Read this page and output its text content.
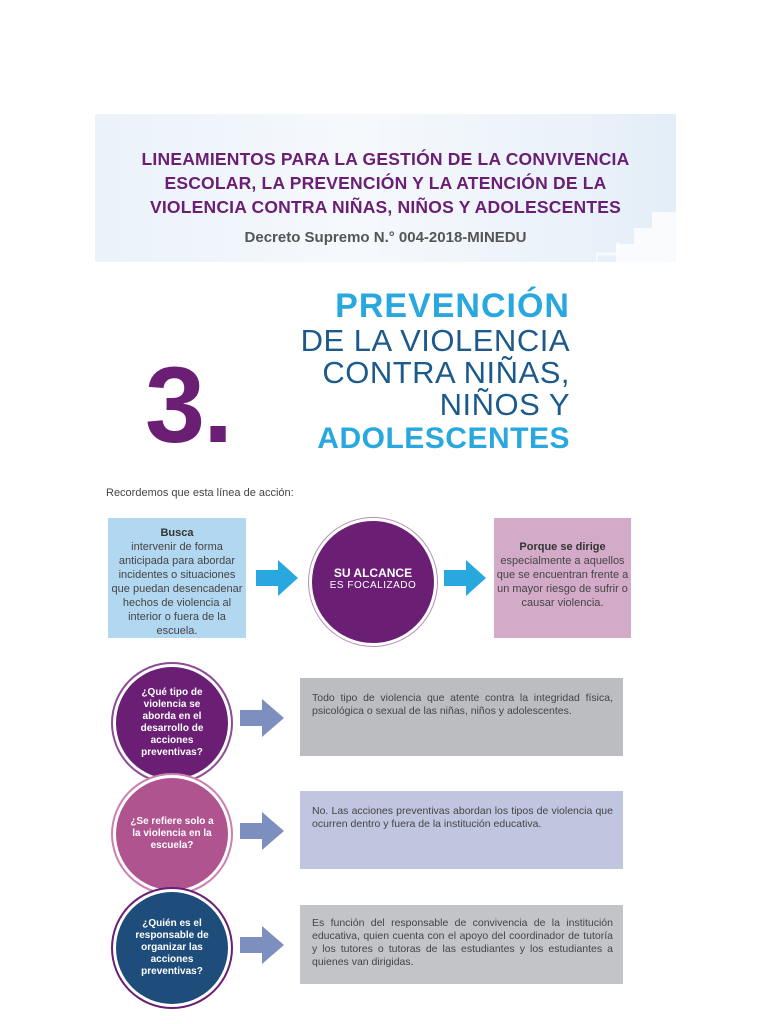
LINEAMIENTOS PARA LA GESTIÓN DE LA CONVIVENCIA
ESCOLAR, LA PREVENCIÓN Y LA ATENCIÓN DE LA
VIOLENCIA CONTRA NIÑAS, NIÑOS Y ADOLESCENTES
Decreto Supremo N.° 004-2018-MINEDU
3.
PREVENCIÓN
DE LA VIOLENCIA
CONTRA NIÑAS,
NIÑOS Y
ADOLESCENTES
Recordemos que esta línea de acción:
Busca
intervenir de forma anticipada para abordar incidentes o situaciones que puedan desencadenar hechos de violencia al interior o fuera de la escuela.
SU ALCANCE
ES FOCALIZADO
Porque se dirige
especialmente a aquellos que se encuentran frente a un mayor riesgo de sufrir o causar violencia.
¿Qué tipo de violencia se aborda en el desarrollo de acciones preventivas?
Todo tipo de violencia que atente contra la integridad física, psicológica o sexual de las niñas, niños y adolescentes.
¿Se refiere solo a la violencia en la escuela?
No. Las acciones preventivas abordan los tipos de violencia que ocurren dentro y fuera de la institución educativa.
¿Quién es el responsable de organizar las acciones preventivas?
Es función del responsable de convivencia de la institución educativa, quien cuenta con el apoyo del coordinador de tutoría y los tutores o tutoras de las estudiantes y los estudiantes a quienes van dirigidas.
